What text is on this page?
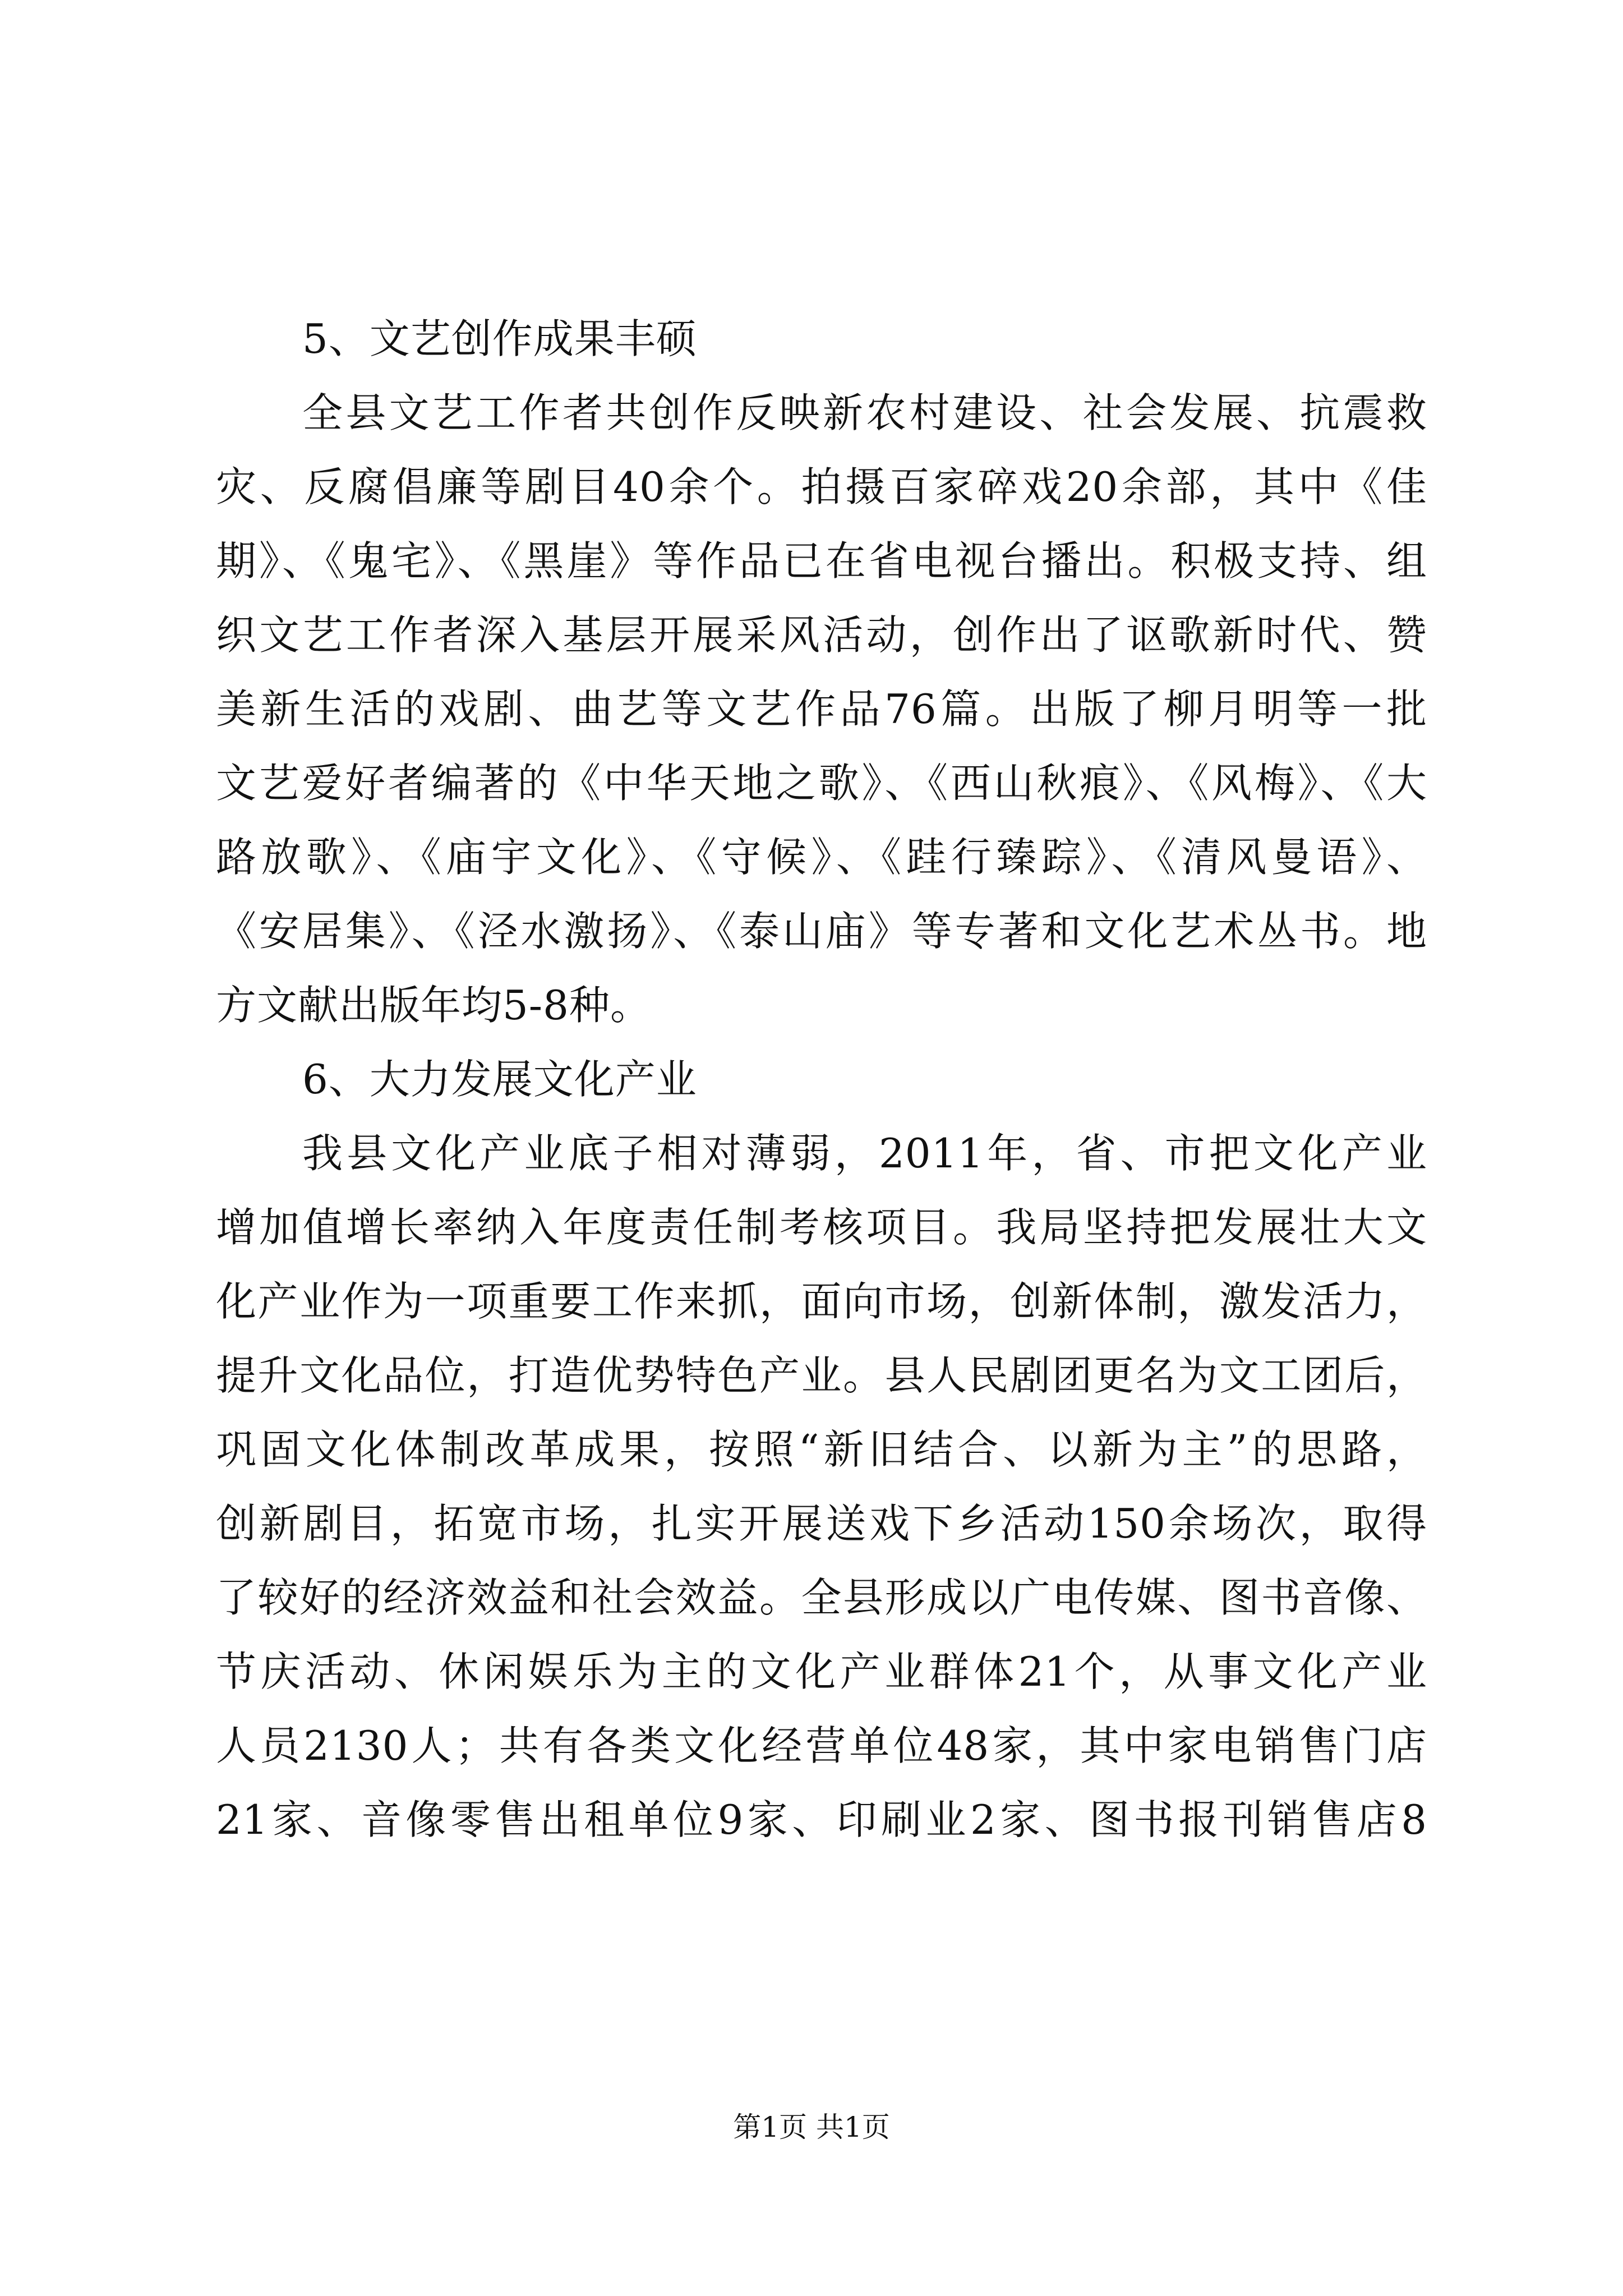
5、文艺创作成果丰硕
全县文艺工作者共创作反映新农村建设、社会发展、抗震救
灾、反腐倡廉等剧目40余个。拍摄百家碎戏20余部，其中《佳
期》、《鬼宅》、《黑崖》等作品已在省电视台播出。积极支持、组
织文艺工作者深入基层开展采风活动，创作出了讴歌新时代、赞
美新生活的戏剧、曲艺等文艺作品76篇。出版了柳月明等一批
文艺爱好者编著的《中华天地之歌》、《西山秋痕》、《风梅》、《大
路放歌》、《庙宇文化》、《守候》、《跬行臻踪》、《清风曼语》、
《安居集》、《泾水激扬》、《泰山庙》等专著和文化艺术丛书。地
方文献出版年均5-8种。
6、大力发展文化产业
我县文化产业底子相对薄弱，2011年，省、市把文化产业
增加值增长率纳入年度责任制考核项目。我局坚持把发展壮大文
化产业作为一项重要工作来抓，面向市场，创新体制，激发活力，
提升文化品位，打造优势特色产业。县人民剧团更名为文工团后，
巩固文化体制改革成果，按照“新旧结合、以新为主”的思路，
创新剧目，拓宽市场，扎实开展送戏下乡活动150余场次，取得
了较好的经济效益和社会效益。全县形成以广电传媒、图书音像、
节庆活动、休闲娱乐为主的文化产业群体21个，从事文化产业
人员2130人；共有各类文化经营单位48家，其中家电销售门店
21家、音像零售出租单位9家、印刷业2家、图书报刊销售店8
第1页 共1页
